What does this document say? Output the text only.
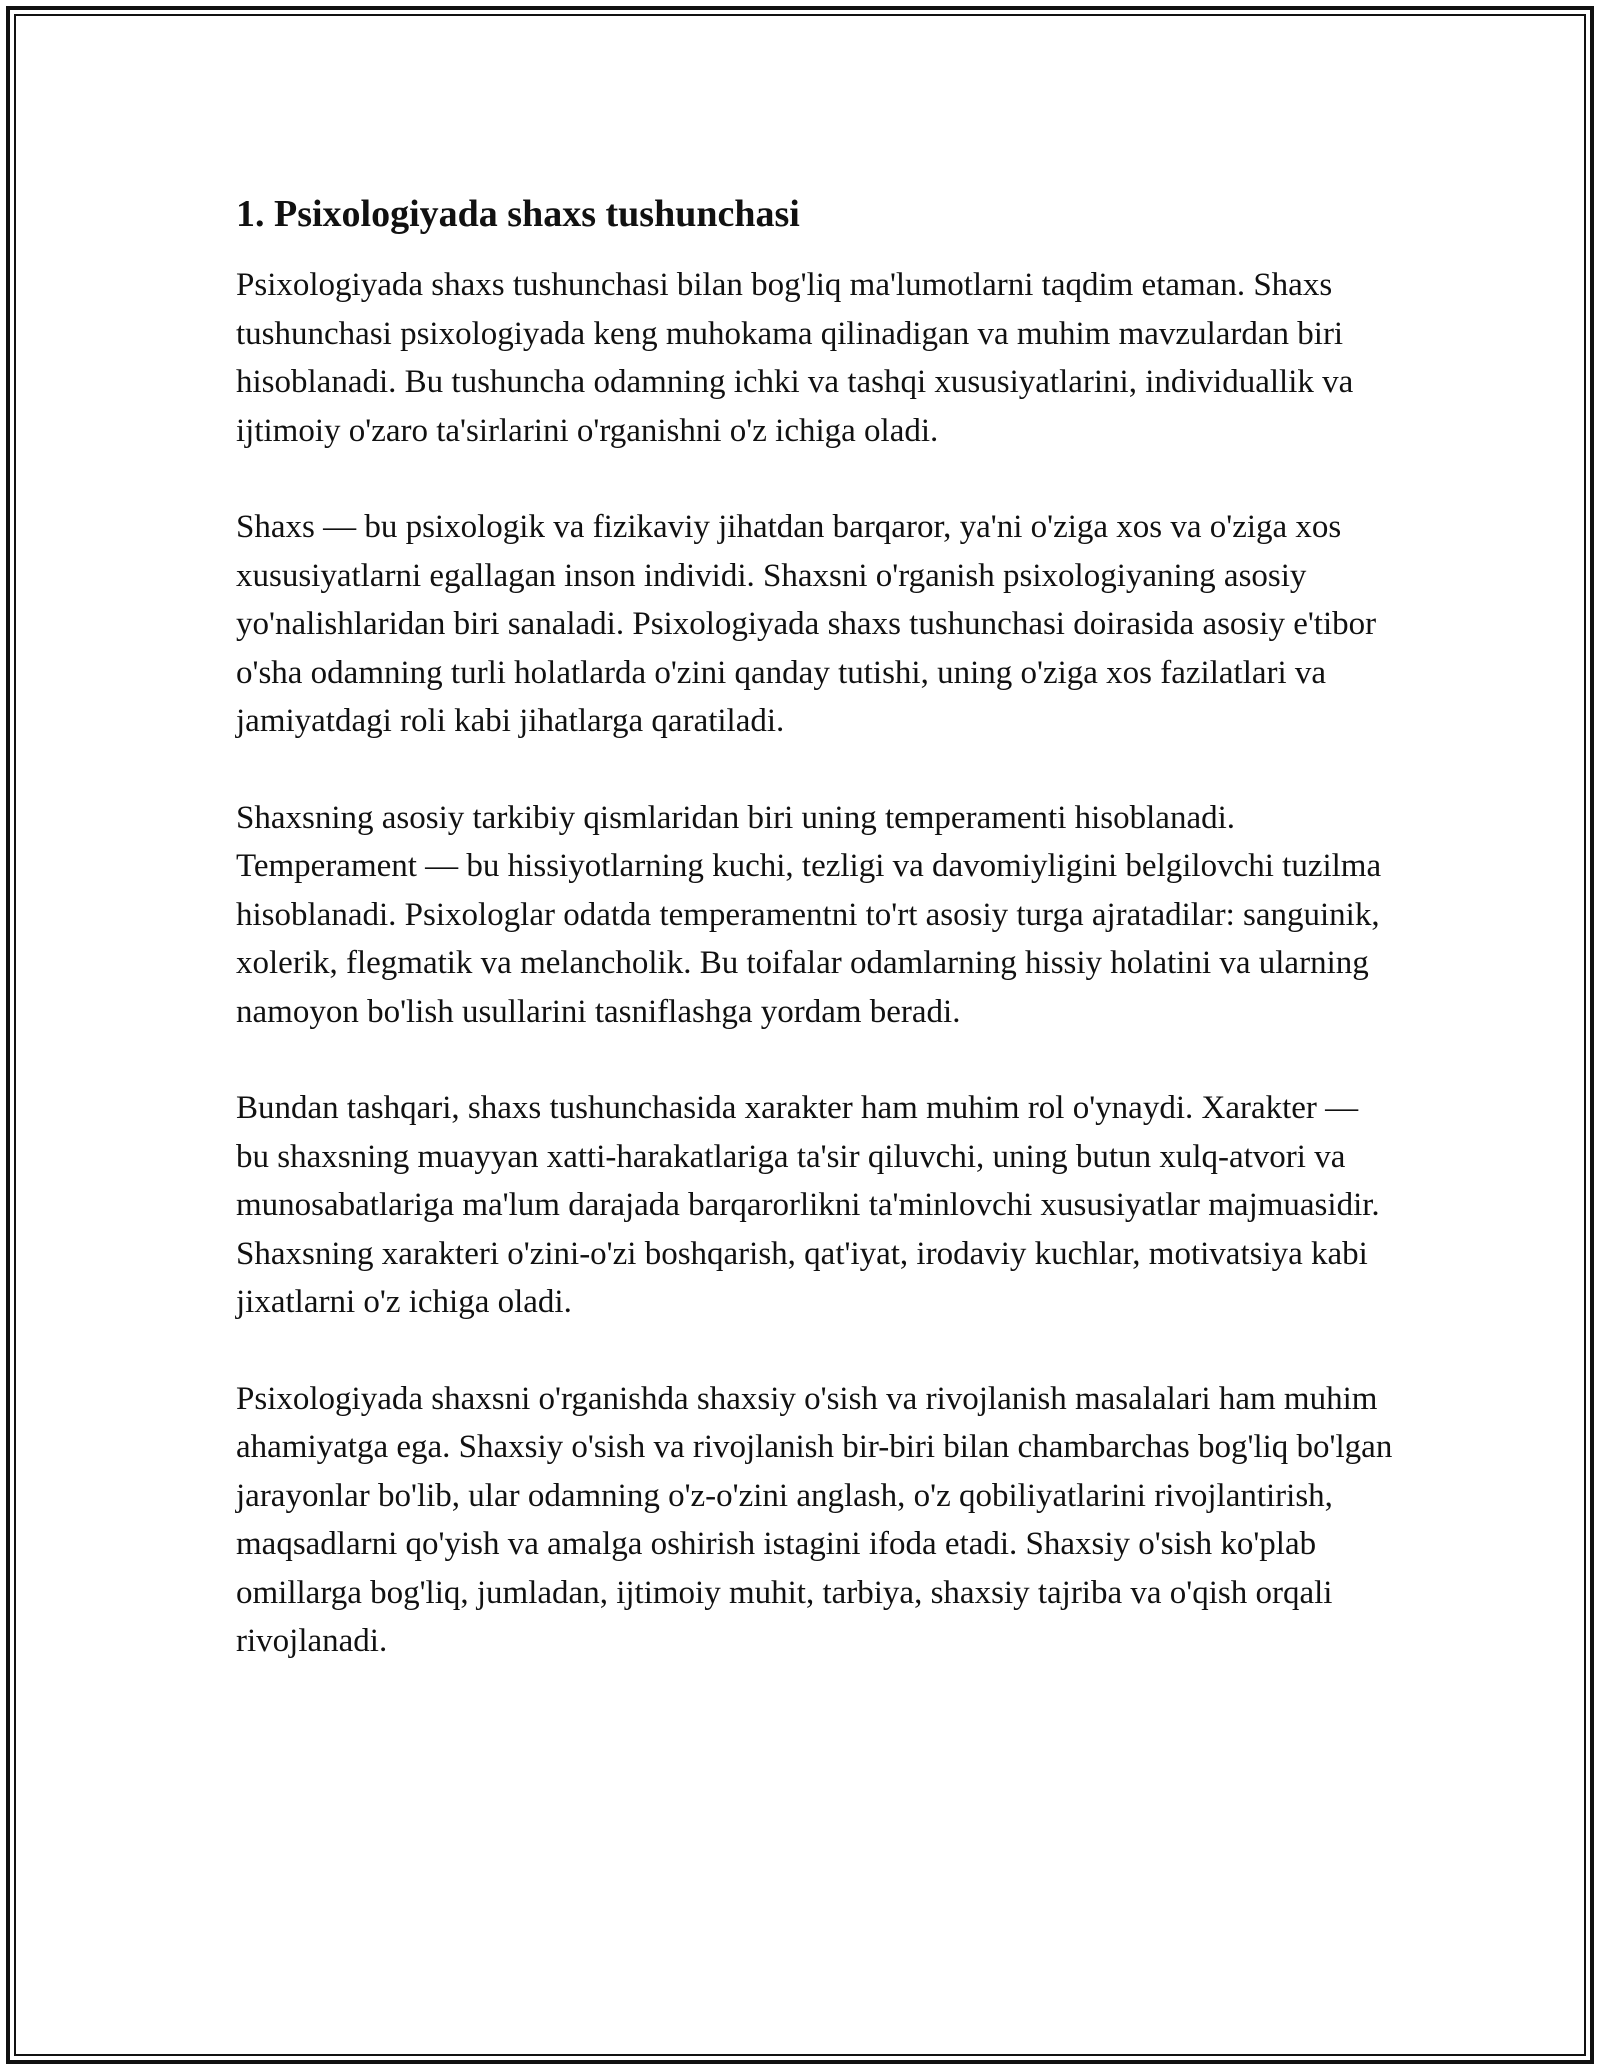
1. Psixologiyada shaxs tushunchasi

Psixologiyada shaxs tushunchasi bilan bog'liq ma'lumotlarni taqdim etaman. Shaxs tushunchasi psixologiyada keng muhokama qilinadigan va muhim mavzulardan biri hisoblanadi. Bu tushuncha odamning ichki va tashqi xususiyatlarini, individuallik va ijtimoiy o'zaro ta'sirlarini o'rganishni o'z ichiga oladi.

Shaxs — bu psixologik va fizikaviy jihatdan barqaror, ya'ni o'ziga xos va o'ziga xos xususiyatlarni egallagan inson individi. Shaxsni o'rganish psixologiyaning asosiy yo'nalishlaridan biri sanaladi. Psixologiyada shaxs tushunchasi doirasida asosiy e'tibor o'sha odamning turli holatlarda o'zini qanday tutishi, uning o'ziga xos fazilatlari va jamiyatdagi roli kabi jihatlarga qaratiladi.

Shaxsning asosiy tarkibiy qismlaridan biri uning temperamenti hisoblanadi. Temperament — bu hissiyotlarning kuchi, tezligi va davomiyligini belgilovchi tuzilma hisoblanadi. Psixologlar odatda temperamentni to'rt asosiy turga ajratadilar: sanguinik, xolerik, flegmatik va melancholik. Bu toifalar odamlarning hissiy holatini va ularning namoyon bo'lish usullarini tasniflashga yordam beradi.

Bundan tashqari, shaxs tushunchasida xarakter ham muhim rol o'ynaydi. Xarakter — bu shaxsning muayyan xatti-harakatlariga ta'sir qiluvchi, uning butun xulq-atvori va munosabatlariga ma'lum darajada barqarorlikni ta'minlovchi xususiyatlar majmuasidir. Shaxsning xarakteri o'zini-o'zi boshqarish, qat'iyat, irodaviy kuchlar, motivatsiya kabi jixatlarni o'z ichiga oladi.

Psixologiyada shaxsni o'rganishda shaxsiy o'sish va rivojlanish masalalari ham muhim ahamiyatga ega. Shaxsiy o'sish va rivojlanish bir-biri bilan chambarchas bog'liq bo'lgan jarayonlar bo'lib, ular odamning o'z-o'zini anglash, o'z qobiliyatlarini rivojlantirish, maqsadlarni qo'yish va amalga oshirish istagini ifoda etadi. Shaxsiy o'sish ko'plab omillarga bog'liq, jumladan, ijtimoiy muhit, tarbiya, shaxsiy tajriba va o'qish orqali rivojlanadi.
